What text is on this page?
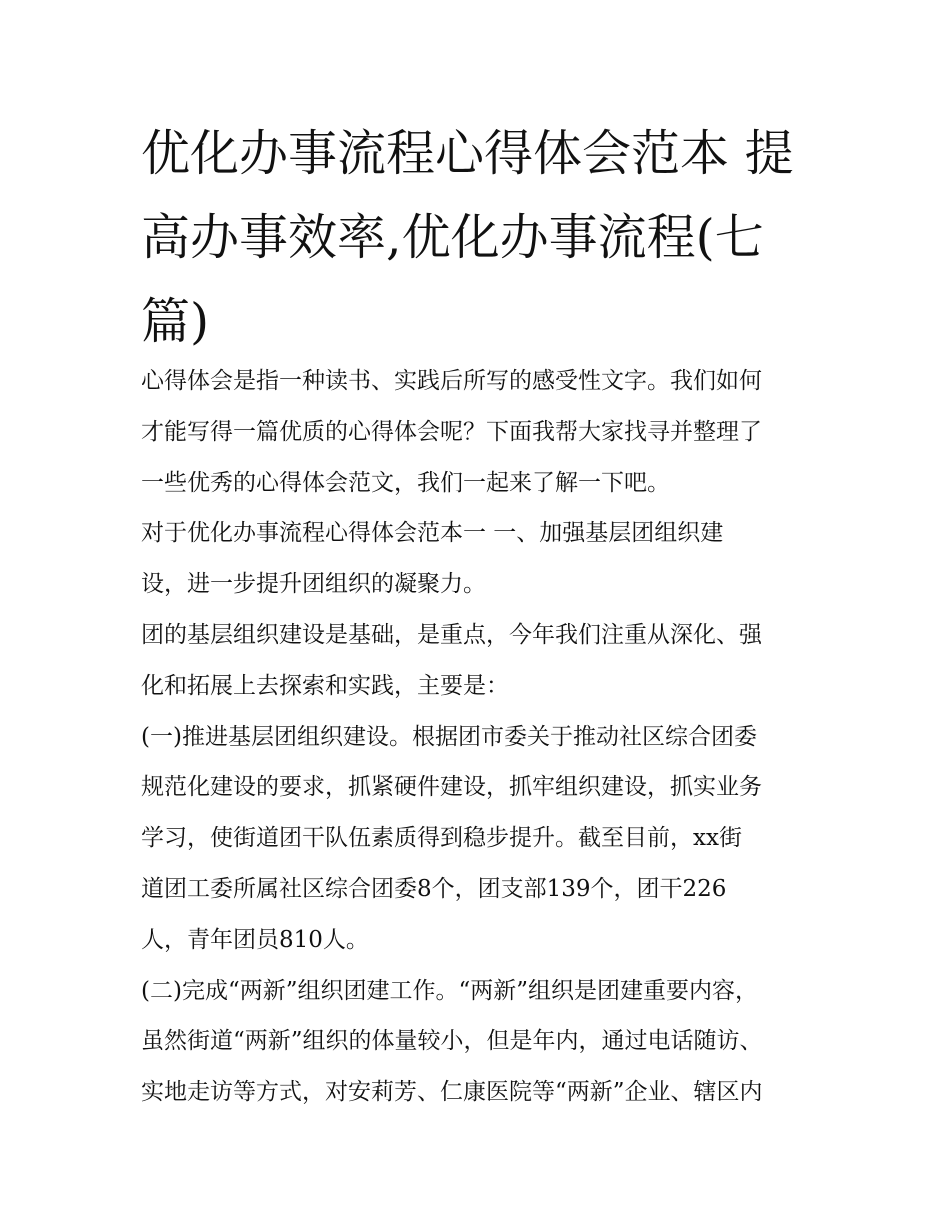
优化办事流程心得体会范本 提
高办事效率,优化办事流程(七
篇)
心得体会是指一种读书、实践后所写的感受性文字。我们如何
才能写得一篇优质的心得体会呢？下面我帮大家找寻并整理了
一些优秀的心得体会范文，我们一起来了解一下吧。
对于优化办事流程心得体会范本一 一、加强基层团组织建
设，进一步提升团组织的凝聚力。
团的基层组织建设是基础，是重点，今年我们注重从深化、强
化和拓展上去探索和实践，主要是：
(一)推进基层团组织建设。根据团市委关于推动社区综合团委
规范化建设的要求，抓紧硬件建设，抓牢组织建设，抓实业务
学习，使街道团干队伍素质得到稳步提升。截至目前，xx街
道团工委所属社区综合团委8个，团支部139个，团干226
人，青年团员810人。
(二)完成“两新”组织团建工作。“两新”组织是团建重要内容，
虽然街道“两新”组织的体量较小，但是年内，通过电话随访、
实地走访等方式，对安莉芳、仁康医院等“两新”企业、辖区内
